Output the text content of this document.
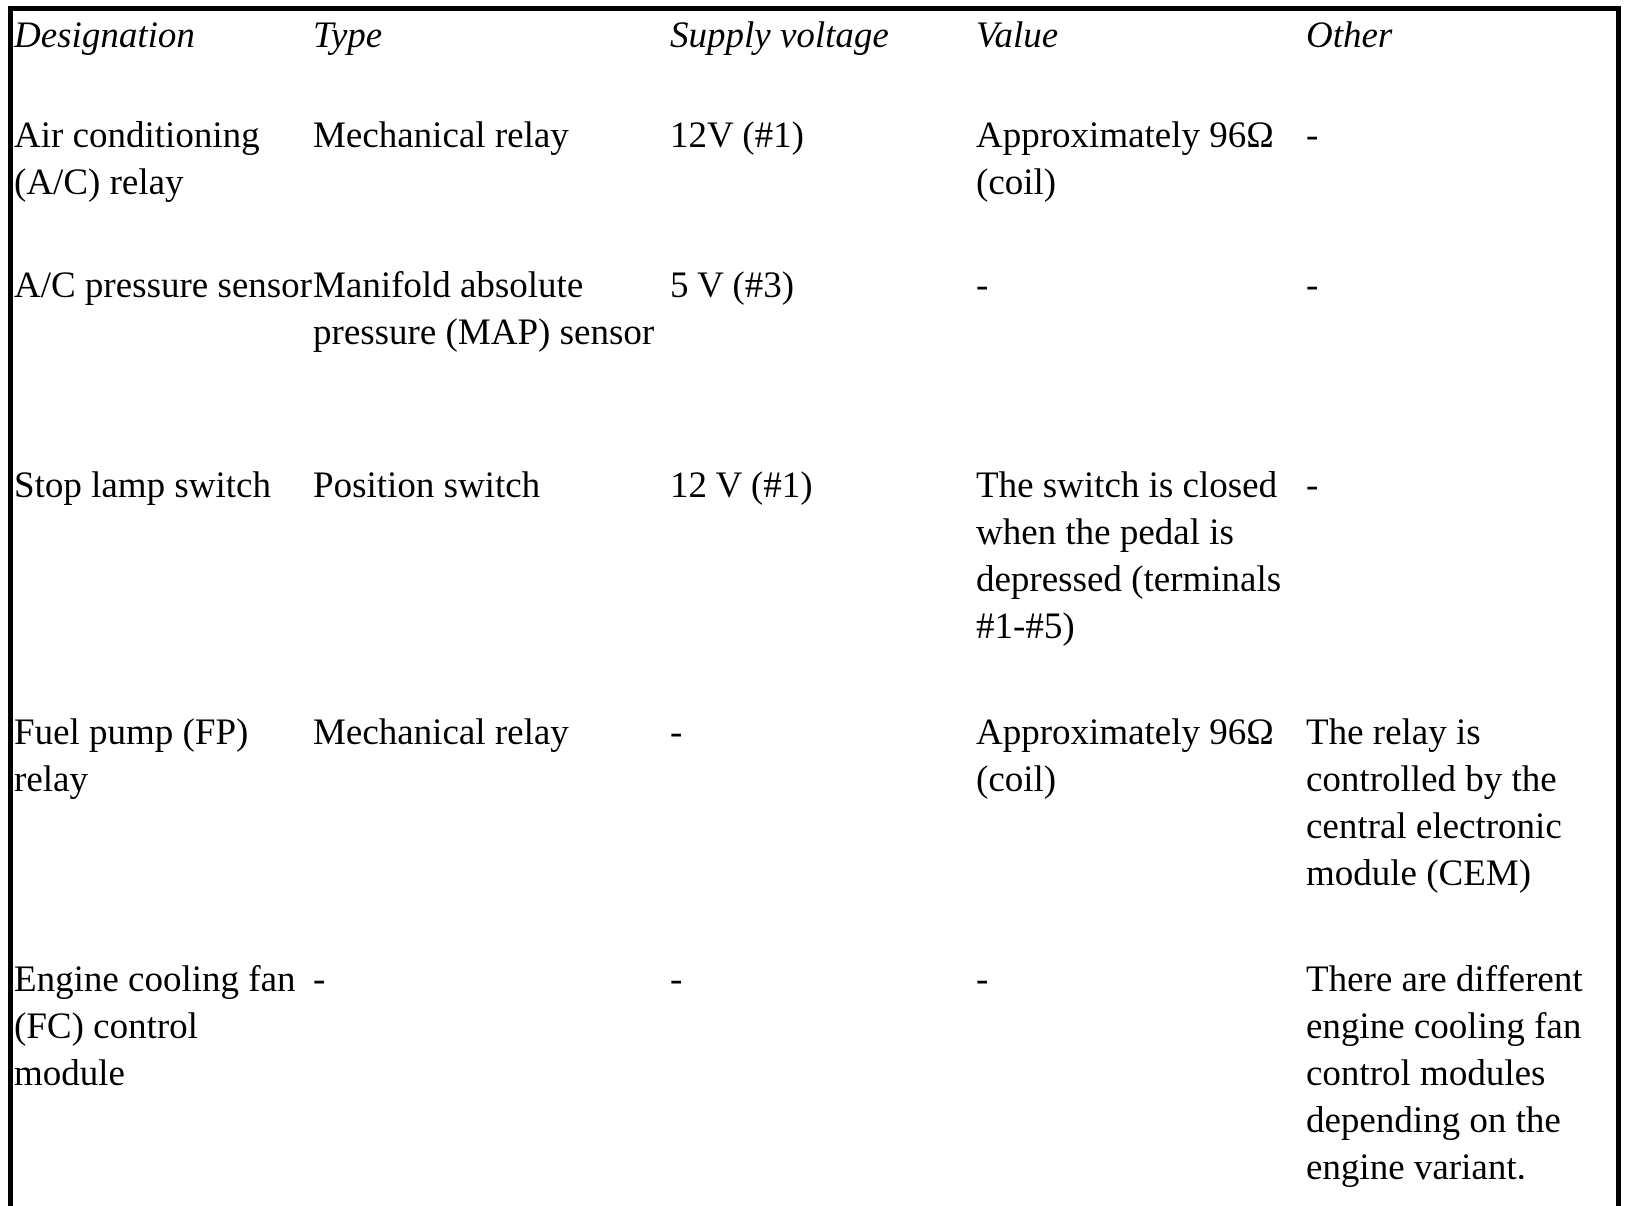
Designation	Type	Supply voltage	Value	Other
Air conditioning (A/C) relay	Mechanical relay	12V (#1)	Approximately 96Ω (coil)	-
A/C pressure sensor	Manifold absolute pressure (MAP) sensor	5 V (#3)	-	-
Stop lamp switch	Position switch	12 V (#1)	The switch is closed when the pedal is depressed (terminals #1-#5)	-
Fuel pump (FP) relay	Mechanical relay	-	Approximately 96Ω (coil)	The relay is controlled by the central electronic module (CEM)
Engine cooling fan (FC) control module	-	-	-	There are different engine cooling fan control modules depending on the engine variant.
